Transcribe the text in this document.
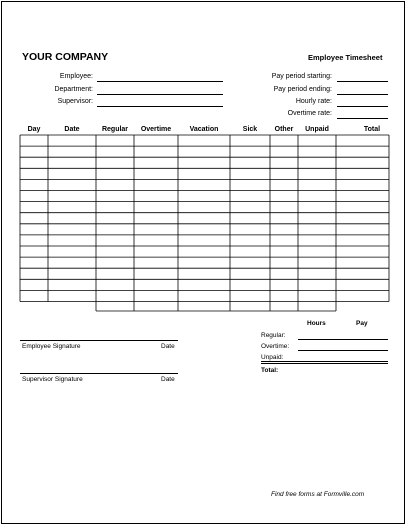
YOUR COMPANY	Employee Timesheet
Employee:
Department:
Supervisor:
Pay period starting:
Pay period ending:
Hourly rate:
Overtime rate:
Day	Date	Regular	Overtime	Vacation	Sick	Other	Unpaid	Total
Employee Signature	Date
Supervisor Signature	Date
Hours	Pay
Regular:
Overtime:
Unpaid:
Total:
Find free forms at Formville.com
